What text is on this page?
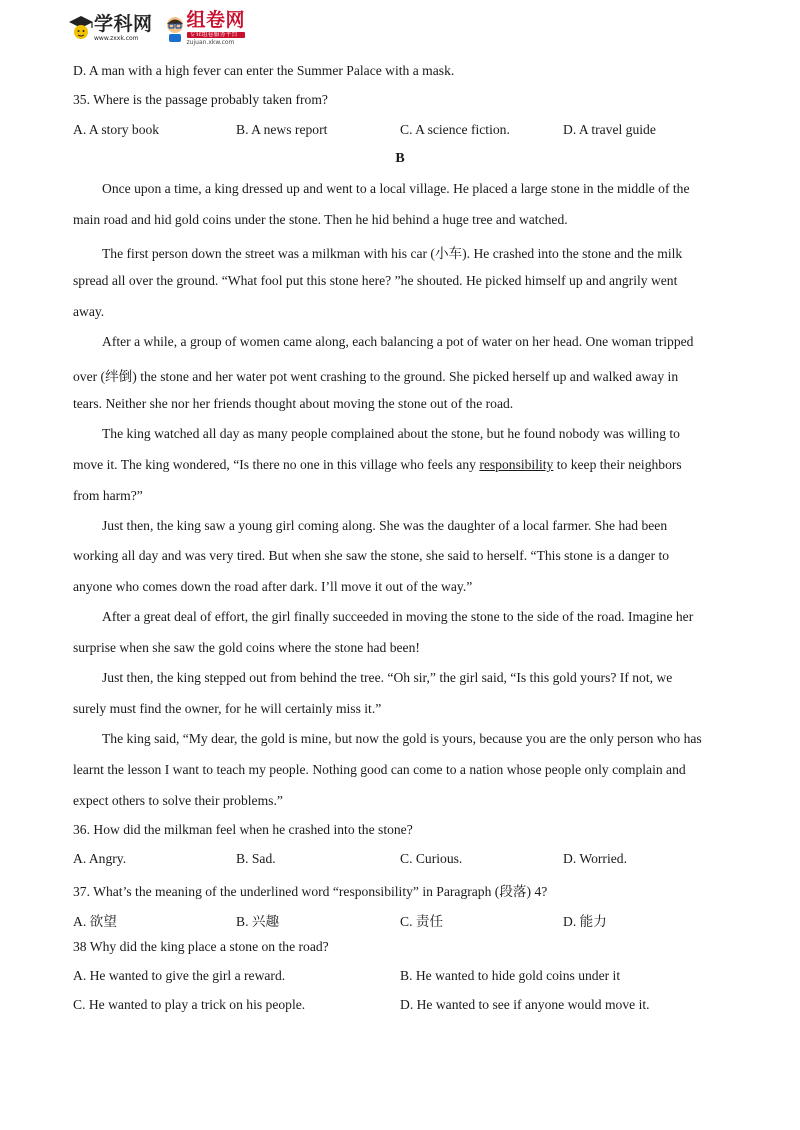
学科网
www.zxxk.com
组卷网
专业组卷服务平台
zujuan.xkw.com
D. A man with a high fever can enter the Summer Palace with a mask.
35. Where is the passage probably taken from?
A. A story book	B. A news report	C. A science fiction.	D. A travel guide
B
Once upon a time, a king dressed up and went to a local village. He placed a large stone in the middle of the
main road and hid gold coins under the stone. Then he hid behind a huge tree and watched.
The first person down the street was a milkman with his car (小车). He crashed into the stone and the milk
spread all over the ground. “What fool put this stone here? ”he shouted. He picked himself up and angrily went
away.
After a while, a group of women came along, each balancing a pot of water on her head. One woman tripped
over (绊倒) the stone and her water pot went crashing to the ground. She picked herself up and walked away in
tears. Neither she nor her friends thought about moving the stone out of the road.
The king watched all day as many people complained about the stone, but he found nobody was willing to
move it. The king wondered, “Is there no one in this village who feels any responsibility to keep their neighbors
from harm?”
Just then, the king saw a young girl coming along. She was the daughter of a local farmer. She had been
working all day and was very tired. But when she saw the stone, she said to herself. “This stone is a danger to
anyone who comes down the road after dark. I’ll move it out of the way.”
After a great deal of effort, the girl finally succeeded in moving the stone to the side of the road. Imagine her
surprise when she saw the gold coins where the stone had been!
Just then, the king stepped out from behind the tree. “Oh sir,” the girl said, “Is this gold yours? If not, we
surely must find the owner, for he will certainly miss it.”
The king said, “My dear, the gold is mine, but now the gold is yours, because you are the only person who has
learnt the lesson I want to teach my people. Nothing good can come to a nation whose people only complain and
expect others to solve their problems.”
36. How did the milkman feel when he crashed into the stone?
A. Angry.	B. Sad.	C. Curious.	D. Worried.
37. What’s the meaning of the underlined word “responsibility” in Paragraph (段落) 4?
A. 欲望	B. 兴趣	C. 责任	D. 能力
38 Why did the king place a stone on the road?
A. He wanted to give the girl a reward.	B. He wanted to hide gold coins under it
C. He wanted to play a trick on his people.	D. He wanted to see if anyone would move it.
